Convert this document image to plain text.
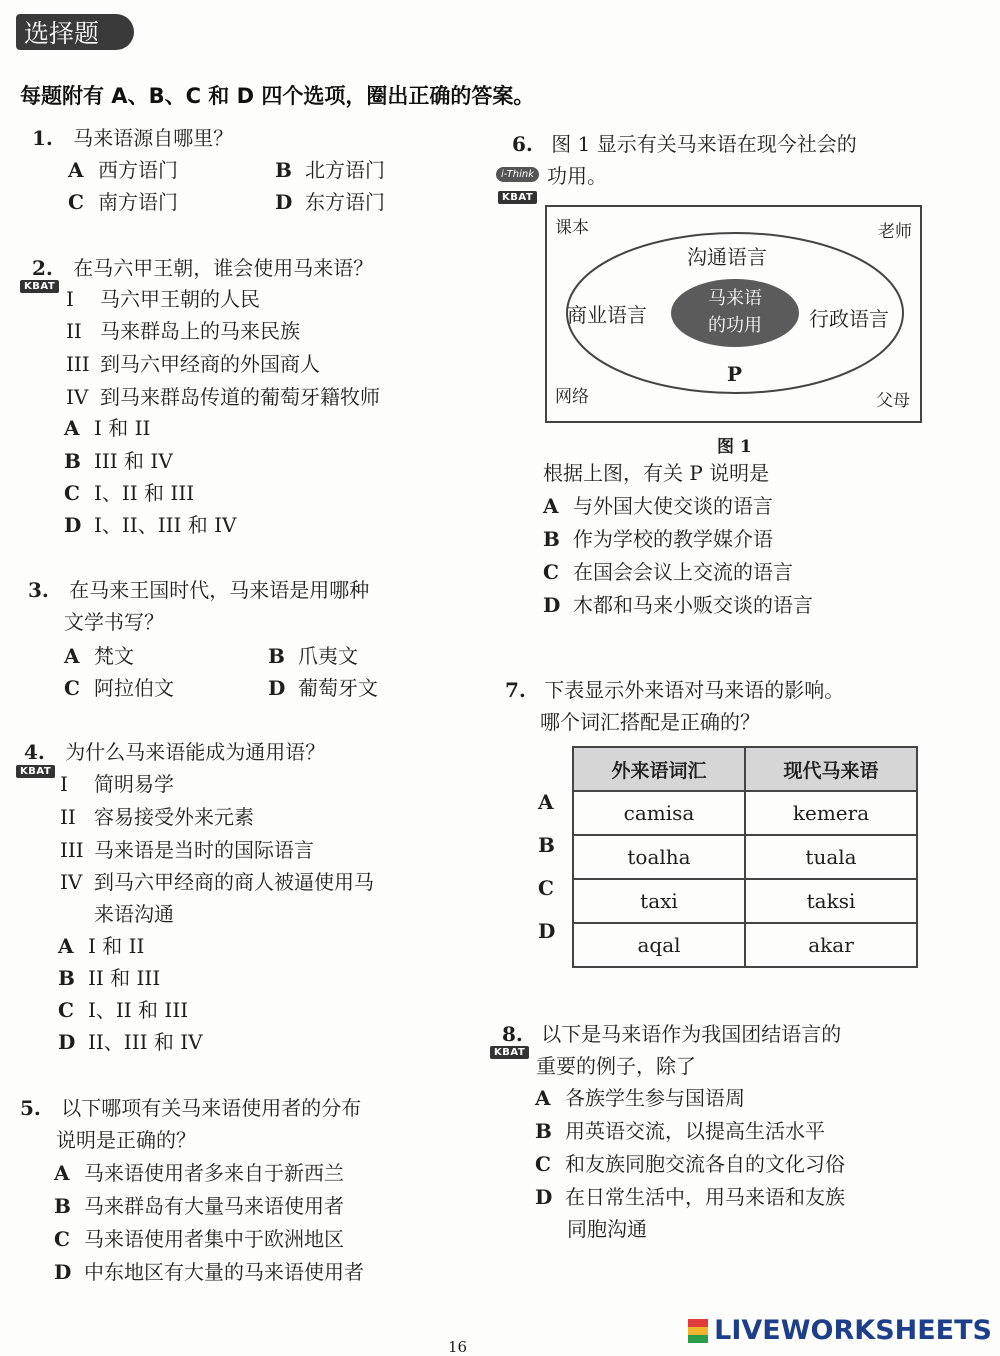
选择题
每题附有 A、B、C 和 D 四个选项，圈出正确的答案。
1. 马来语源自哪里？
A 西方语门	B 北方语门
C 南方语门	D 东方语门
2. 在马六甲王朝，谁会使用马来语？
KBAT
I 马六甲王朝的人民
II 马来群岛上的马来民族
III 到马六甲经商的外国商人
IV 到马来群岛传道的葡萄牙籍牧师
A I 和 II
B III 和 IV
C I、II 和 III
D I、II、III 和 IV
3. 在马来王国时代，马来语是用哪种
文学书写？
A 梵文	B 爪夷文
C 阿拉伯文	D 葡萄牙文
4. 为什么马来语能成为通用语？
KBAT
I 简明易学
II 容易接受外来元素
III 马来语是当时的国际语言
IV 到马六甲经商的商人被逼使用马
来语沟通
A I 和 II
B II 和 III
C I、II 和 III
D II、III 和 IV
5. 以下哪项有关马来语使用者的分布
说明是正确的？
A 马来语使用者多来自于新西兰
B 马来群岛有大量马来语使用者
C 马来语使用者集中于欧洲地区
D 中东地区有大量的马来语使用者
6. 图 1 显示有关马来语在现今社会的
i-Think
KBAT
功用。
课本	老师
网络	父母
沟通语言
商业语言	行政语言
P
马来语
的功用
图 1
根据上图，有关 P 说明是
A 与外国大使交谈的语言
B 作为学校的教学媒介语
C 在国会会议上交流的语言
D 木都和马来小贩交谈的语言
7. 下表显示外来语对马来语的影响。
哪个词汇搭配是正确的？
A
B
C
D
外来语词汇	现代马来语
camisa	kemera
toalha	tuala
taxi	taksi
aqal	akar
8. 以下是马来语作为我国团结语言的
KBAT
重要的例子，除了
A 各族学生参与国语周
B 用英语交流，以提高生活水平
C 和友族同胞交流各自的文化习俗
D 在日常生活中，用马来语和友族
同胞沟通
16
LIVEWORKSHEETS
